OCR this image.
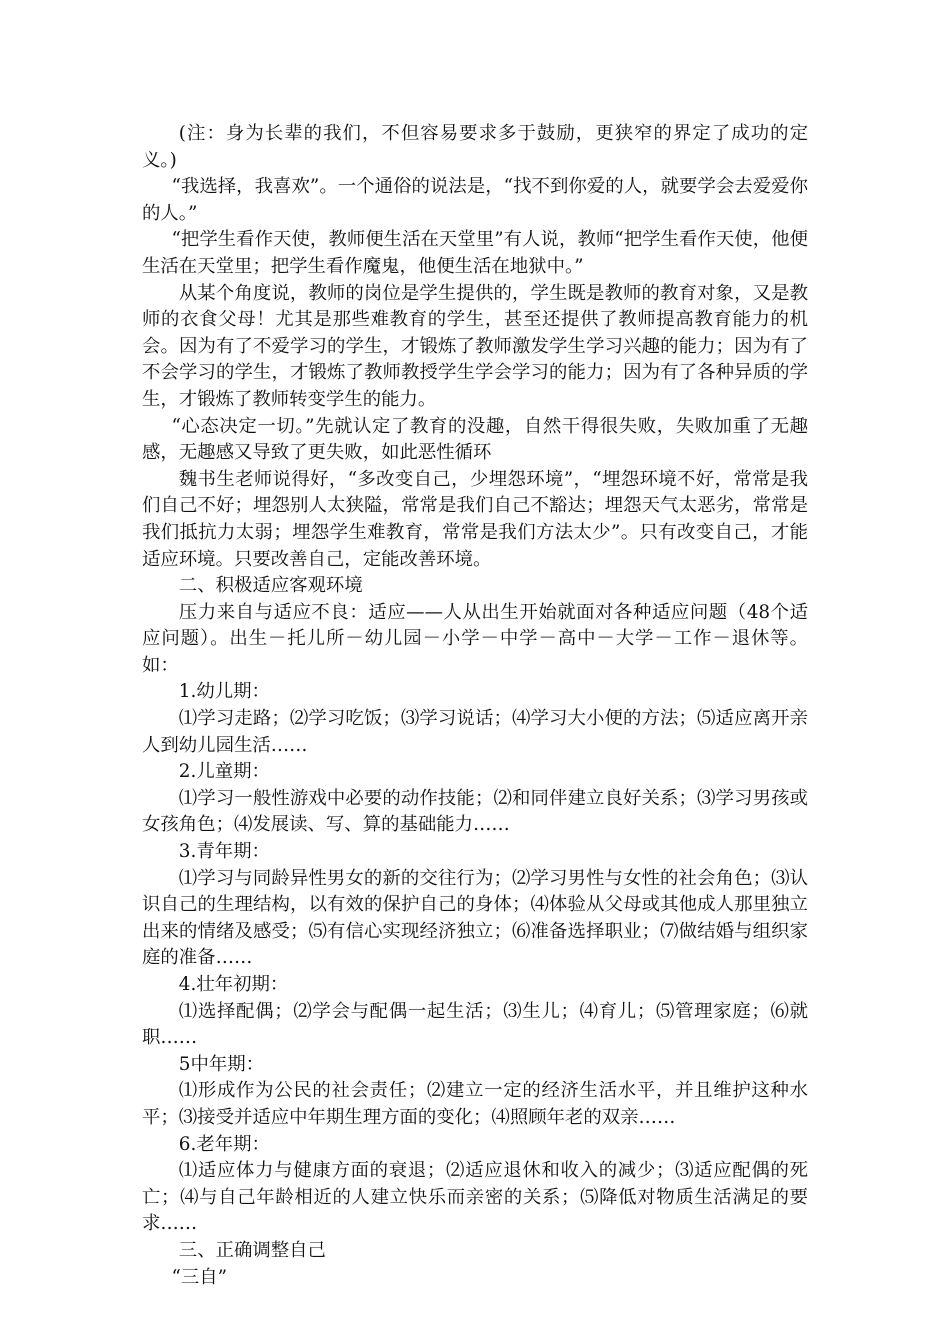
(注：身为长辈的我们，不但容易要求多于鼓励，更狭窄的界定了成功的定义。)

“我选择，我喜欢”。一个通俗的说法是，“找不到你爱的人，就要学会去爱爱你的人。”

“把学生看作天使，教师便生活在天堂里”有人说，教师“把学生看作天使，他便生活在天堂里；把学生看作魔鬼，他便生活在地狱中。”

从某个角度说，教师的岗位是学生提供的，学生既是教师的教育对象，又是教师的衣食父母！尤其是那些难教育的学生，甚至还提供了教师提高教育能力的机会。因为有了不爱学习的学生，才锻炼了教师激发学生学习兴趣的能力；因为有了不会学习的学生，才锻炼了教师教授学生学会学习的能力；因为有了各种异质的学生，才锻炼了教师转变学生的能力。

“心态决定一切。”先就认定了教育的没趣，自然干得很失败，失败加重了无趣感，无趣感又导致了更失败，如此恶性循环

魏书生老师说得好，“多改变自己，少埋怨环境”，“埋怨环境不好，常常是我们自己不好；埋怨别人太狭隘，常常是我们自己不豁达；埋怨天气太恶劣，常常是我们抵抗力太弱；埋怨学生难教育，常常是我们方法太少”。只有改变自己，才能适应环境。只要改善自己，定能改善环境。

二、积极适应客观环境

压力来自与适应不良：适应——人从出生开始就面对各种适应问题（48个适应问题）。出生－托儿所－幼儿园－小学－中学－高中－大学－工作－退休等。如：

1.幼儿期：

⑴学习走路；⑵学习吃饭；⑶学习说话；⑷学习大小便的方法；⑸适应离开亲人到幼儿园生活……

2.儿童期：

⑴学习一般性游戏中必要的动作技能；⑵和同伴建立良好关系；⑶学习男孩或女孩角色；⑷发展读、写、算的基础能力……

3.青年期：

⑴学习与同龄异性男女的新的交往行为；⑵学习男性与女性的社会角色；⑶认识自己的生理结构，以有效的保护自己的身体；⑷体验从父母或其他成人那里独立出来的情绪及感受；⑸有信心实现经济独立；⑹准备选择职业；⑺做结婚与组织家庭的准备……

4.壮年初期：

⑴选择配偶；⑵学会与配偶一起生活；⑶生儿；⑷育儿；⑸管理家庭；⑹就职……

5中年期：

⑴形成作为公民的社会责任；⑵建立一定的经济生活水平，并且维护这种水平；⑶接受并适应中年期生理方面的变化；⑷照顾年老的双亲……

6.老年期：

⑴适应体力与健康方面的衰退；⑵适应退休和收入的减少；⑶适应配偶的死亡；⑷与自己年龄相近的人建立快乐而亲密的关系；⑸降低对物质生活满足的要求……

三、正确调整自己

“三自”
